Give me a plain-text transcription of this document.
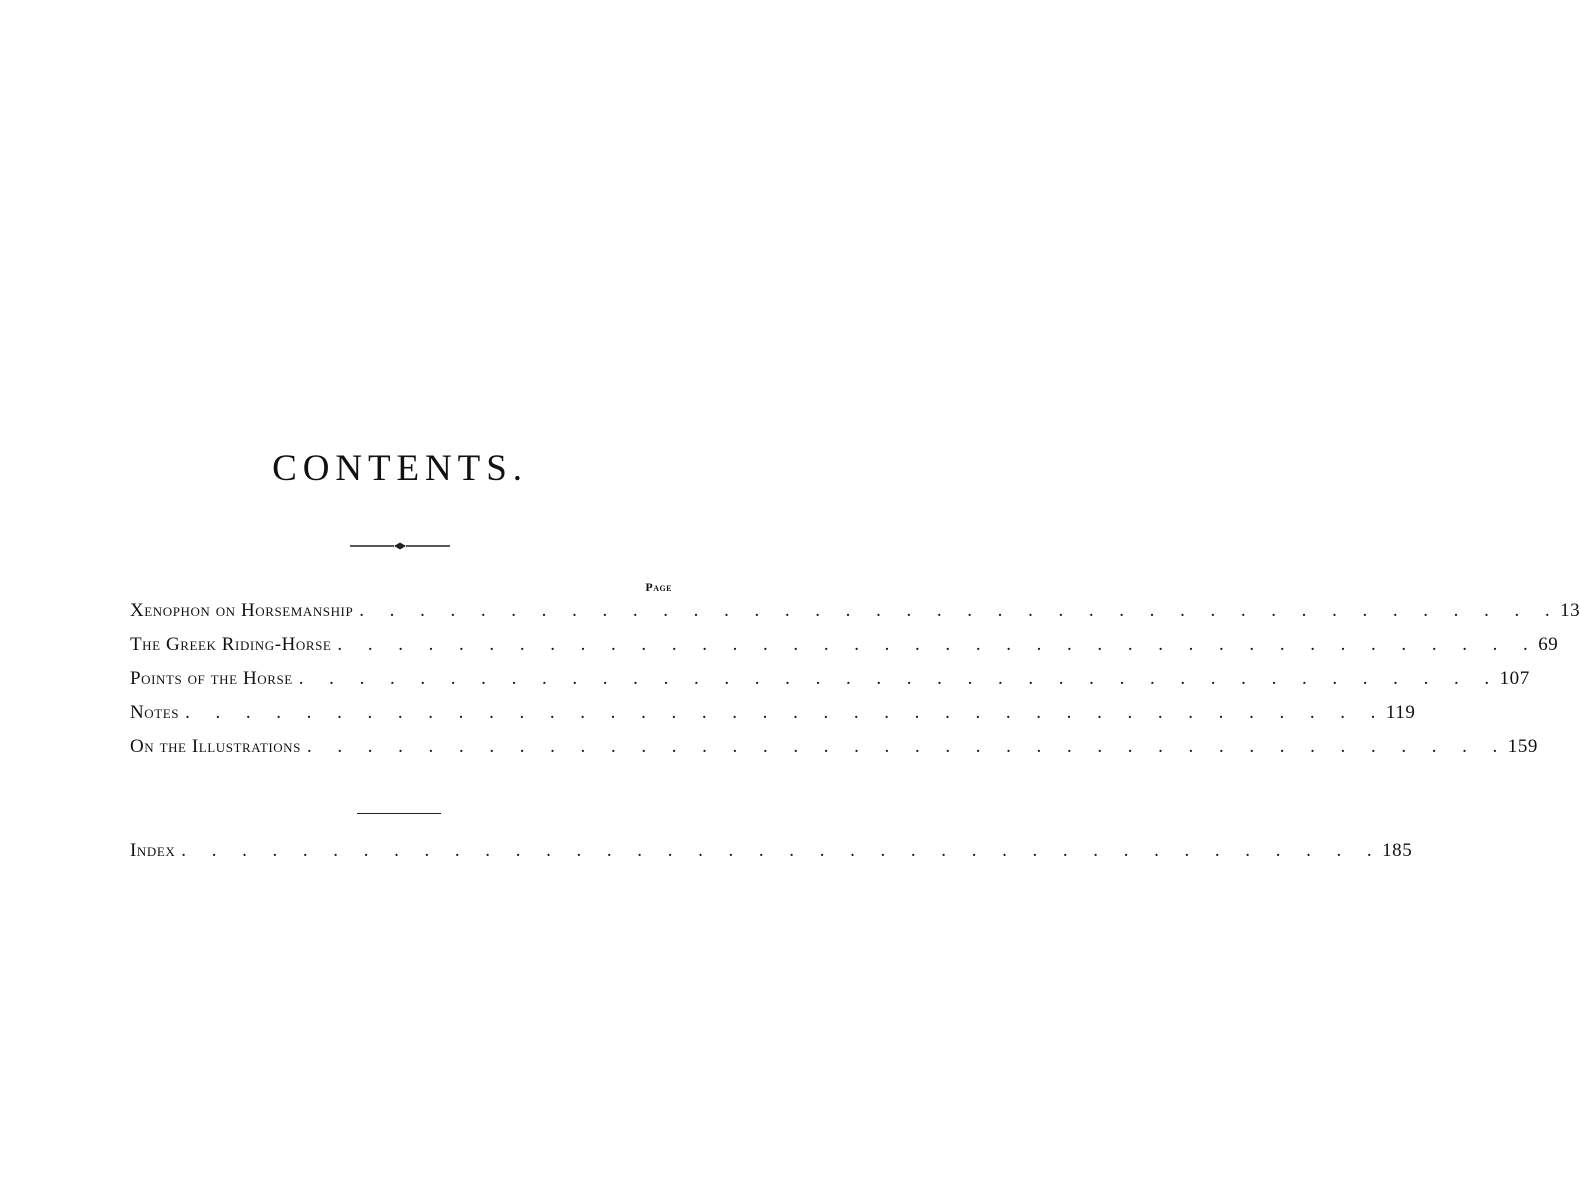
CONTENTS.
Page
Xenophon on Horsemanship . . . . . . . . . . . . . . . . . . . . . . . . . . . . . . . . . . . . . . . . 13
The Greek Riding-Horse . . . . . . . . . . . . . . . . . . . . . . . . . . . . . . . . . . . . . . . . 69
Points of the Horse . . . . . . . . . . . . . . . . . . . . . . . . . . . . . . . . . . . . . . . . 107
Notes . . . . . . . . . . . . . . . . . . . . . . . . . . . . . . . . . . . . . . . . 119
On the Illustrations . . . . . . . . . . . . . . . . . . . . . . . . . . . . . . . . . . . . . . . . 159
Index . . . . . . . . . . . . . . . . . . . . . . . . . . . . . . . . . . . . . . . . 185
